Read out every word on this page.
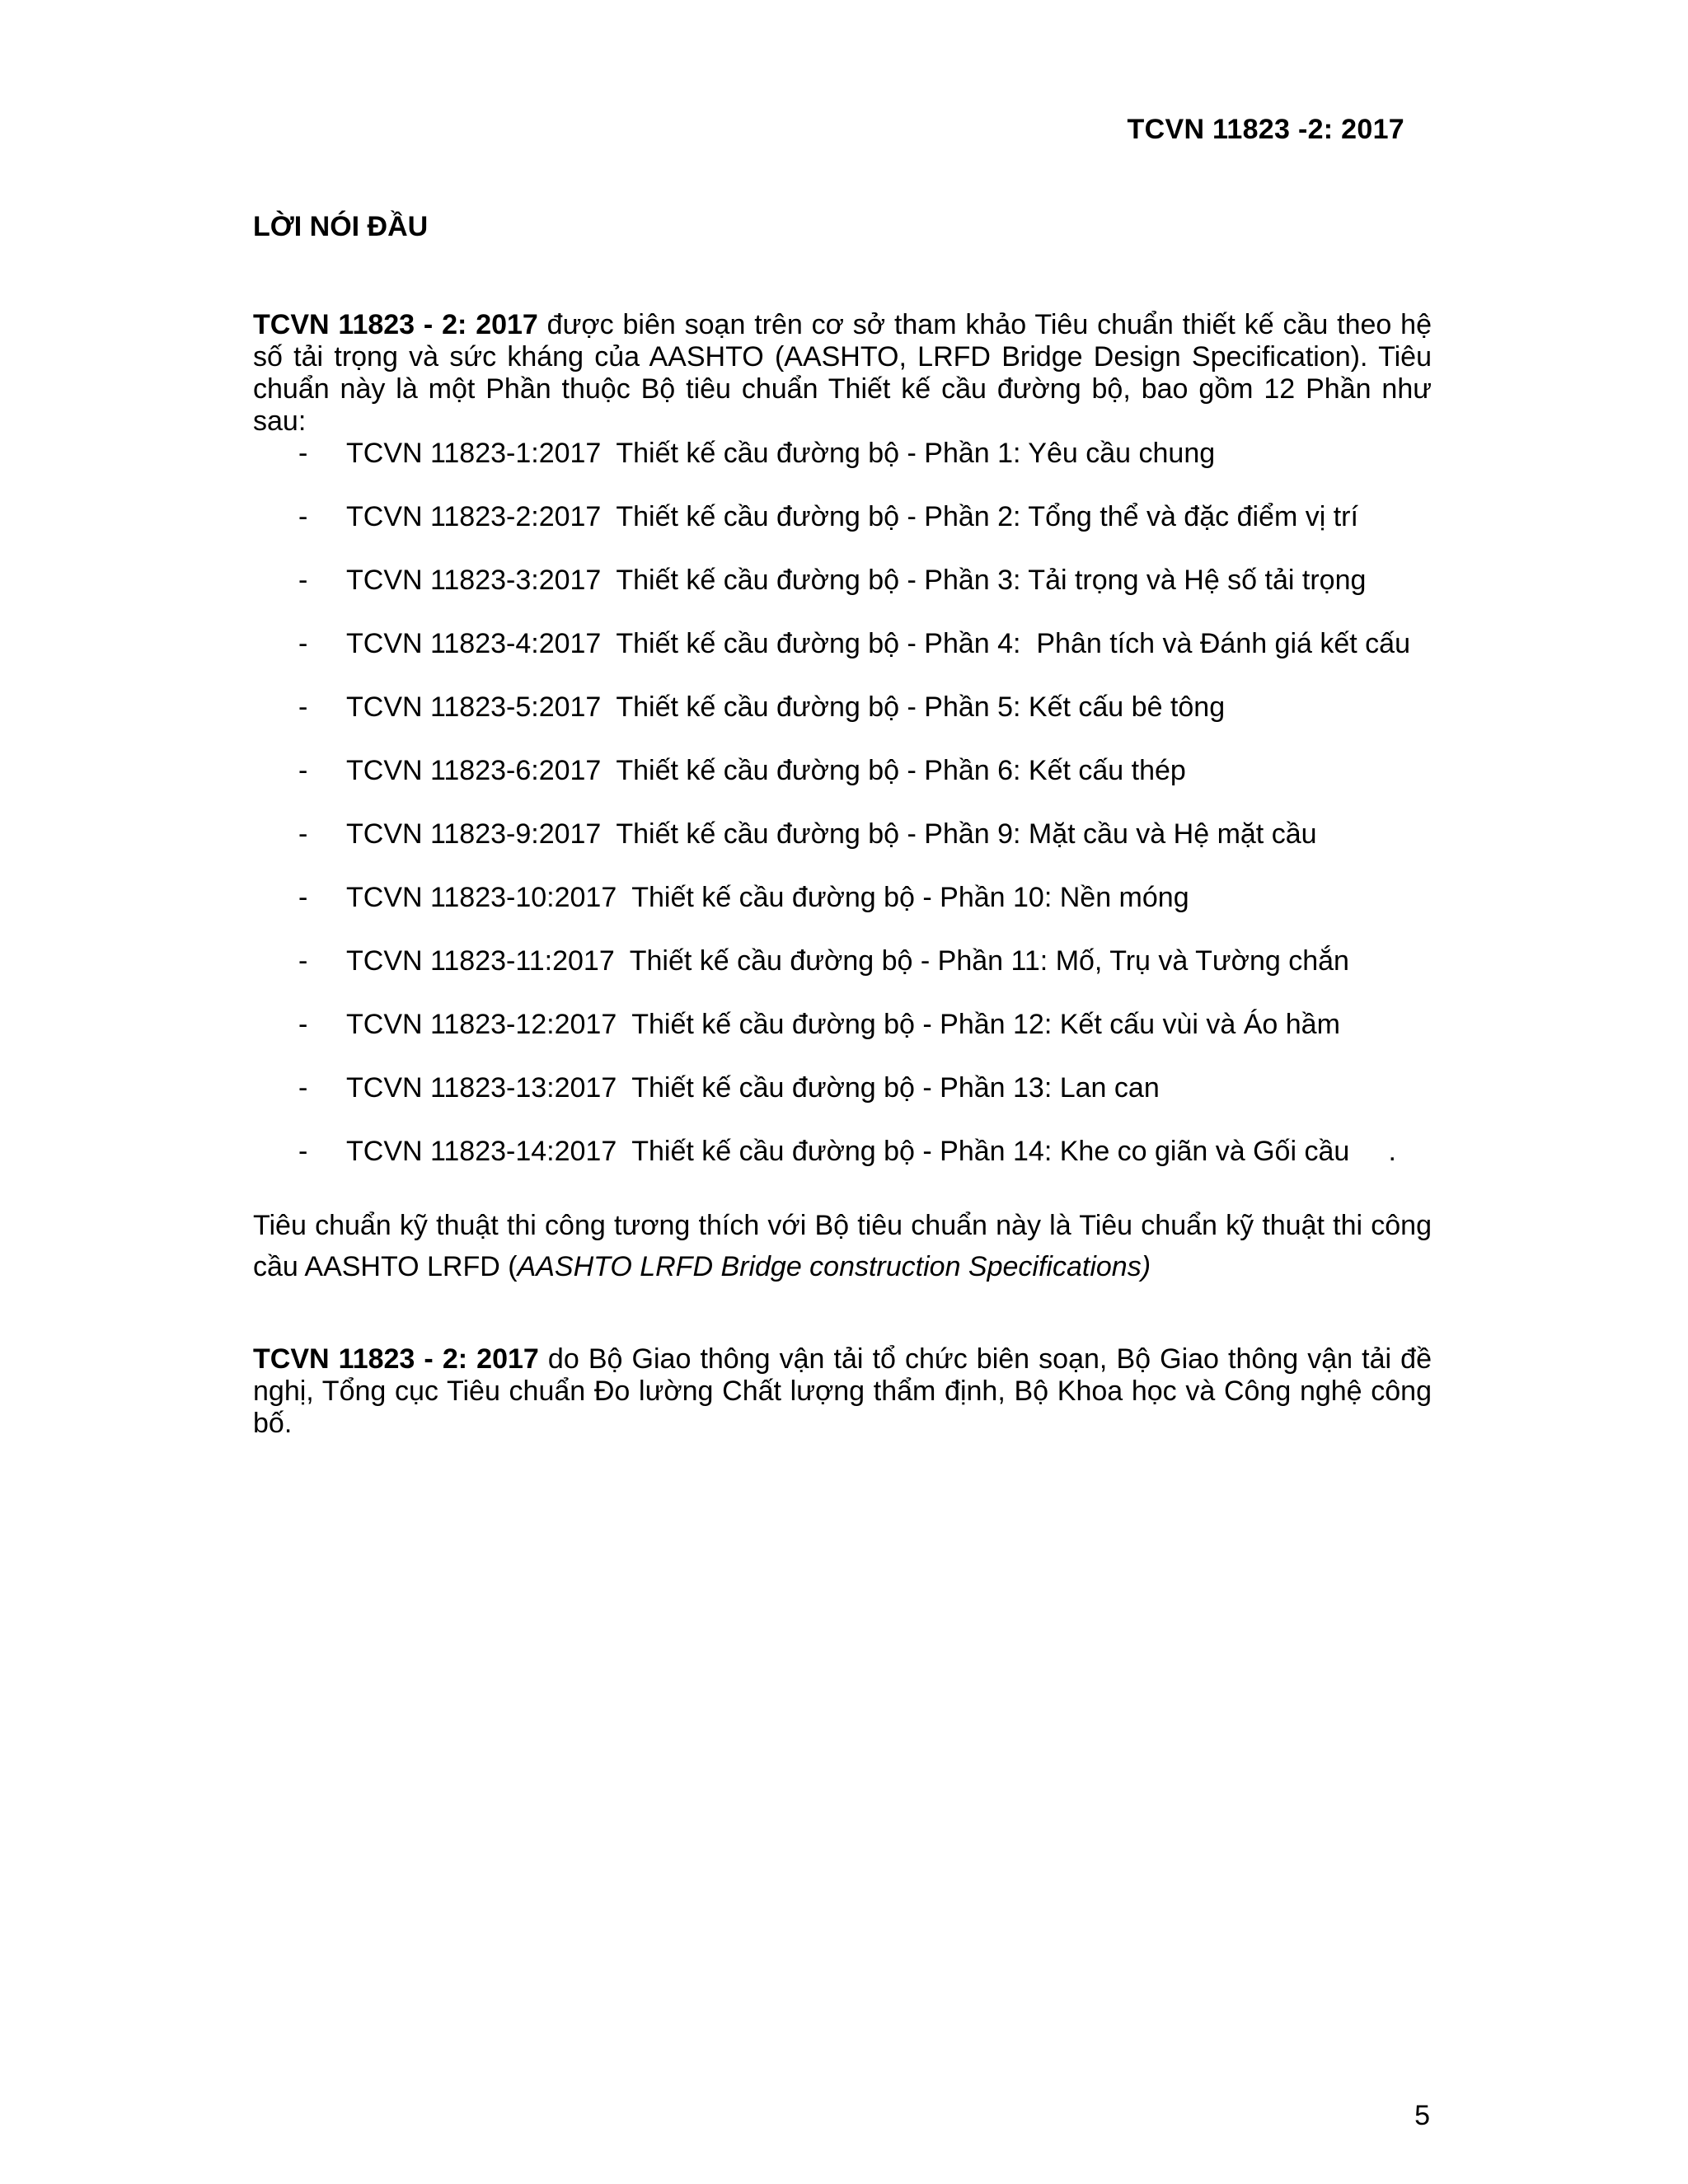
TCVN 11823 -2: 2017
LỜI NÓI ĐẦU

TCVN 11823 - 2: 2017 được biên soạn trên cơ sở tham khảo Tiêu chuẩn thiết kế cầu theo hệ số tải trọng và sức kháng của AASHTO (AASHTO, LRFD Bridge Design Specification). Tiêu chuẩn này là một Phần thuộc Bộ tiêu chuẩn Thiết kế cầu đường bộ, bao gồm 12 Phần như sau:

- TCVN 11823-1:2017 Thiết kế cầu đường bộ - Phần 1: Yêu cầu chung
- TCVN 11823-2:2017 Thiết kế cầu đường bộ - Phần 2: Tổng thể và đặc điểm vị trí
- TCVN 11823-3:2017 Thiết kế cầu đường bộ - Phần 3: Tải trọng và Hệ số tải trọng
- TCVN 11823-4:2017 Thiết kế cầu đường bộ - Phần 4:  Phân tích và Đánh giá kết cấu
- TCVN 11823-5:2017 Thiết kế cầu đường bộ - Phần 5: Kết cấu bê tông
- TCVN 11823-6:2017 Thiết kế cầu đường bộ - Phần 6: Kết cấu thép
- TCVN 11823-9:2017 Thiết kế cầu đường bộ - Phần 9: Mặt cầu và Hệ mặt cầu
- TCVN 11823-10:2017 Thiết kế cầu đường bộ - Phần 10: Nền móng
- TCVN 11823-11:2017 Thiết kế cầu đường bộ - Phần 11: Mố, Trụ và Tường chắn
- TCVN 11823-12:2017 Thiết kế cầu đường bộ - Phần 12: Kết cấu vùi và Áo hầm
- TCVN 11823-13:2017 Thiết kế cầu đường bộ - Phần 13: Lan can
- TCVN 11823-14:2017 Thiết kế cầu đường bộ - Phần 14: Khe co giãn và Gối cầu     .

Tiêu chuẩn kỹ thuật thi công tương thích với Bộ tiêu chuẩn này là Tiêu chuẩn kỹ thuật thi công cầu AASHTO LRFD (AASHTO LRFD Bridge construction Specifications)

TCVN 11823 - 2: 2017 do Bộ Giao thông vận tải tổ chức biên soạn, Bộ Giao thông vận tải đề nghị, Tổng cục Tiêu chuẩn Đo lường Chất lượng thẩm định, Bộ Khoa học và Công nghệ công bố.

5
